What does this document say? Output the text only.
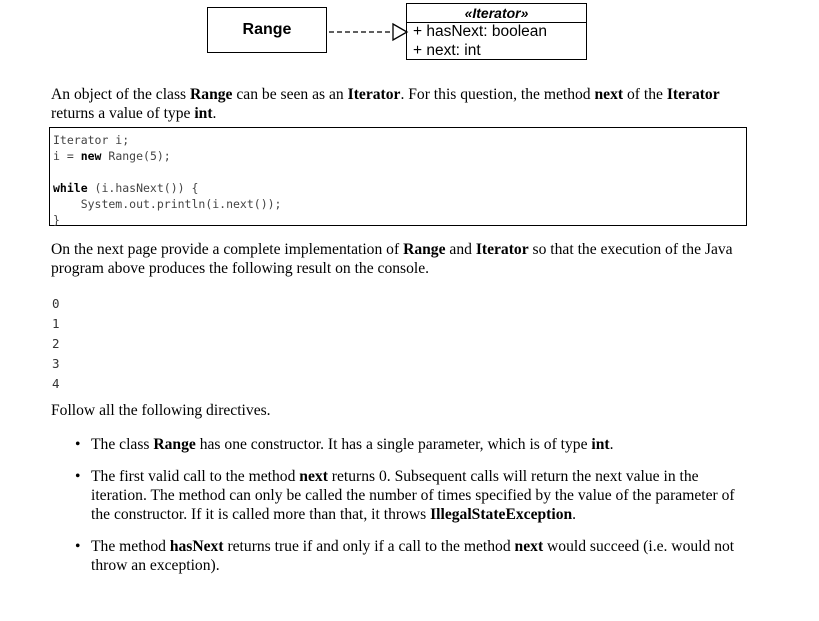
Range
«Iterator»
+ hasNext: boolean
+ next: int
An object of the class Range can be seen as an Iterator. For this question, the method next of the Iterator returns a value of type int.
Iterator i;
i = new Range(5);

while (i.hasNext()) {
System.out.println(i.next());
}
On the next page provide a complete implementation of Range and Iterator so that the execution of the Java program above produces the following result on the console.
0
1
2
3
4
Follow all the following directives.
• The class Range has one constructor. It has a single parameter, which is of type int.
• The first valid call to the method next returns 0. Subsequent calls will return the next value in the iteration. The method can only be called the number of times specified by the value of the parameter of the constructor. If it is called more than that, it throws IllegalStateException.
• The method hasNext returns true if and only if a call to the method next would succeed (i.e. would not throw an exception).
